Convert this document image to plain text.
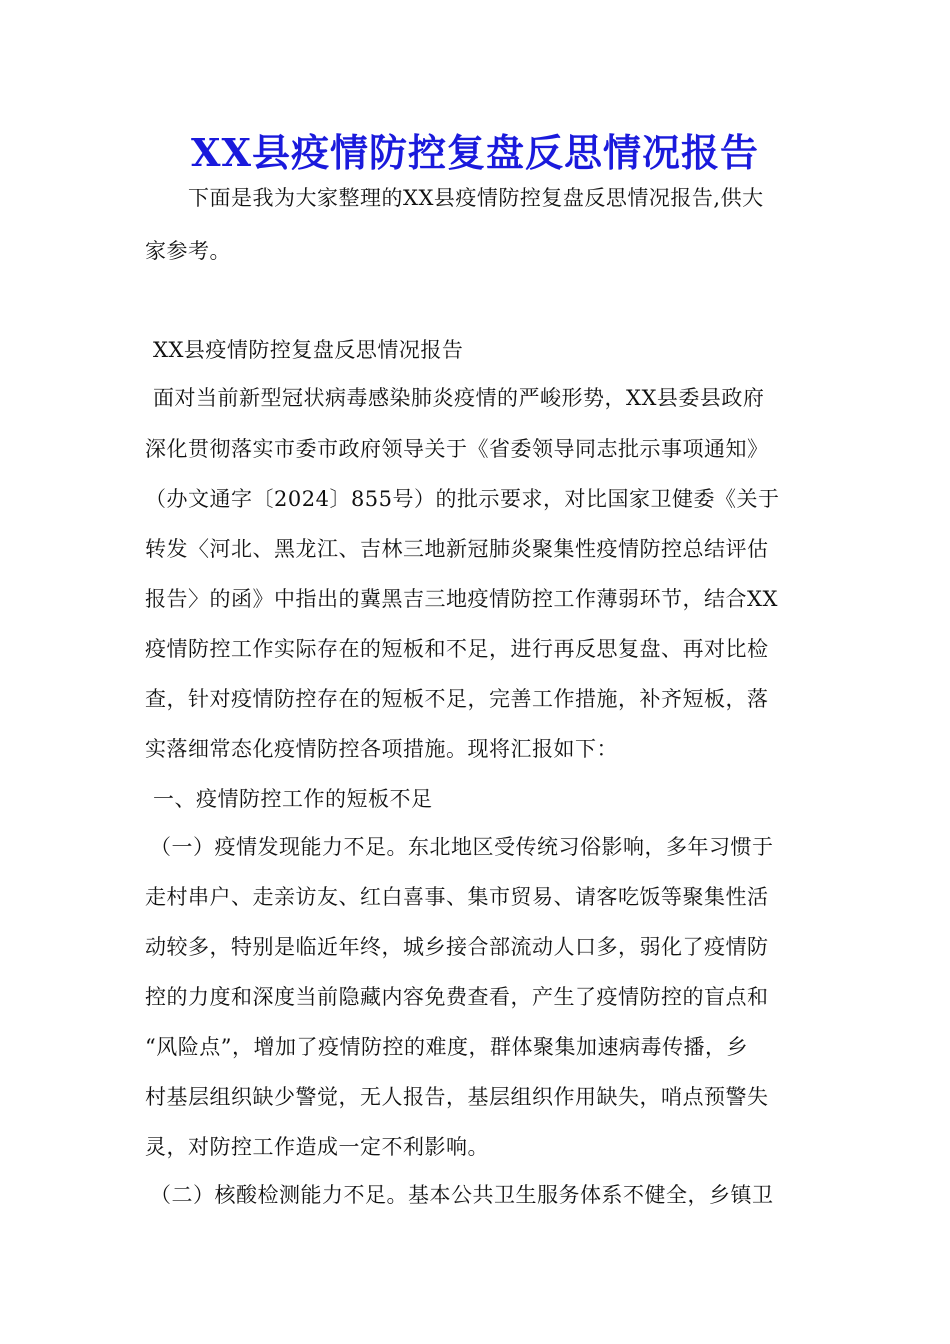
XX县疫情防控复盘反思情况报告

下面是我为大家整理的XX县疫情防控复盘反思情况报告,供大

家参考。

XX县疫情防控复盘反思情况报告

面对当前新型冠状病毒感染肺炎疫情的严峻形势，XX县委县政府

深化贯彻落实市委市政府领导关于《省委领导同志批示事项通知》

（办文通字〔2024〕855号）的批示要求，对比国家卫健委《关于

转发〈河北、黑龙江、吉林三地新冠肺炎聚集性疫情防控总结评估

报告〉的函》中指出的冀黑吉三地疫情防控工作薄弱环节，结合XX

疫情防控工作实际存在的短板和不足，进行再反思复盘、再对比检

查，针对疫情防控存在的短板不足，完善工作措施，补齐短板，落

实落细常态化疫情防控各项措施。现将汇报如下：

一、疫情防控工作的短板不足

（一）疫情发现能力不足。东北地区受传统习俗影响，多年习惯于

走村串户、走亲访友、红白喜事、集市贸易、请客吃饭等聚集性活

动较多，特别是临近年终，城乡接合部流动人口多，弱化了疫情防

控的力度和深度当前隐藏内容免费查看，产生了疫情防控的盲点和

“风险点”，增加了疫情防控的难度，群体聚集加速病毒传播，乡

村基层组织缺少警觉，无人报告，基层组织作用缺失，哨点预警失

灵，对防控工作造成一定不利影响。

（二）核酸检测能力不足。基本公共卫生服务体系不健全，乡镇卫
